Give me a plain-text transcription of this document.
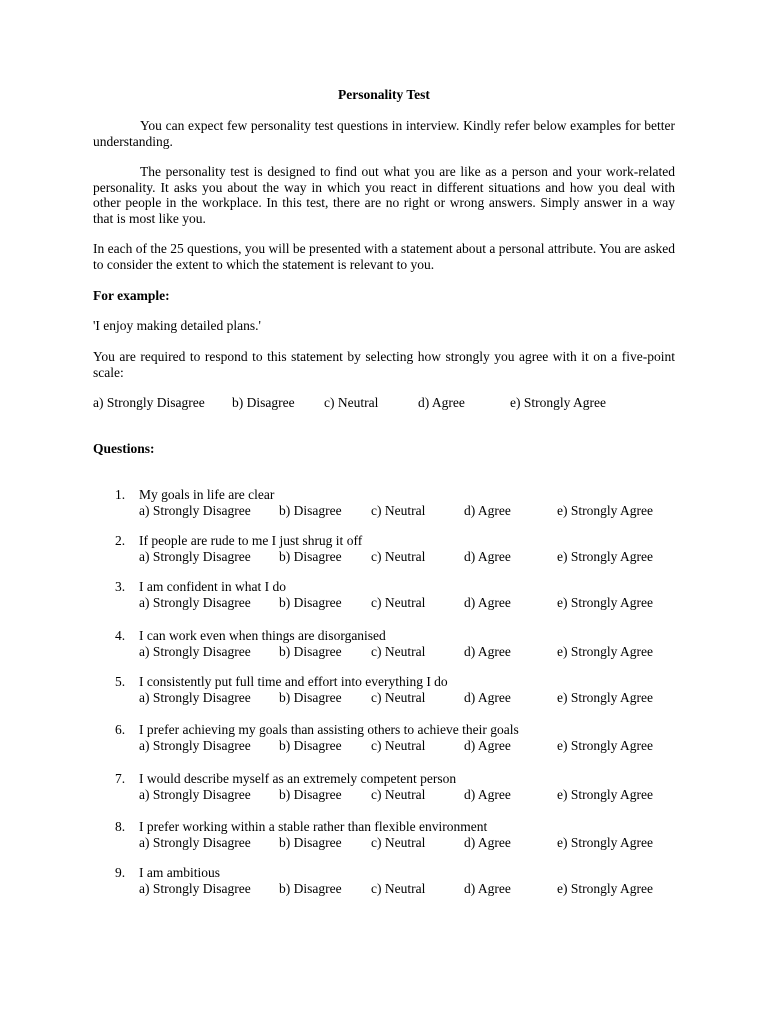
Personality Test

You can expect few personality test questions in interview. Kindly refer below examples for better understanding.

The personality test is designed to find out what you are like as a person and your work-related personality. It asks you about the way in which you react in different situations and how you deal with other people in the workplace. In this test, there are no right or wrong answers. Simply answer in a way that is most like you.

In each of the 25 questions, you will be presented with a statement about a personal attribute. You are asked to consider the extent to which the statement is relevant to you.

For example:

'I enjoy making detailed plans.'

You are required to respond to this statement by selecting how strongly you agree with it on a five-point scale:

a) Strongly Disagree b) Disagree c) Neutral	d) Agree	e) Strongly Agree

Questions:

1. My goals in life are clear
a) Strongly Disagree b) Disagree c) Neutral	d) Agree	e) Strongly Agree
2. If people are rude to me I just shrug it off
a) Strongly Disagree b) Disagree c) Neutral	d) Agree	e) Strongly Agree
3. I am confident in what I do
a) Strongly Disagree b) Disagree c) Neutral	d) Agree	e) Strongly Agree
4. I can work even when things are disorganised
a) Strongly Disagree b) Disagree c) Neutral	d) Agree	e) Strongly Agree
5. I consistently put full time and effort into everything I do
a) Strongly Disagree b) Disagree c) Neutral	d) Agree	e) Strongly Agree
6. I prefer achieving my goals than assisting others to achieve their goals
a) Strongly Disagree b) Disagree c) Neutral	d) Agree	e) Strongly Agree
7. I would describe myself as an extremely competent person
a) Strongly Disagree b) Disagree c) Neutral	d) Agree	e) Strongly Agree
8. I prefer working within a stable rather than flexible environment
a) Strongly Disagree b) Disagree c) Neutral	d) Agree	e) Strongly Agree
9. I am ambitious
a) Strongly Disagree b) Disagree c) Neutral	d) Agree	e) Strongly Agree
